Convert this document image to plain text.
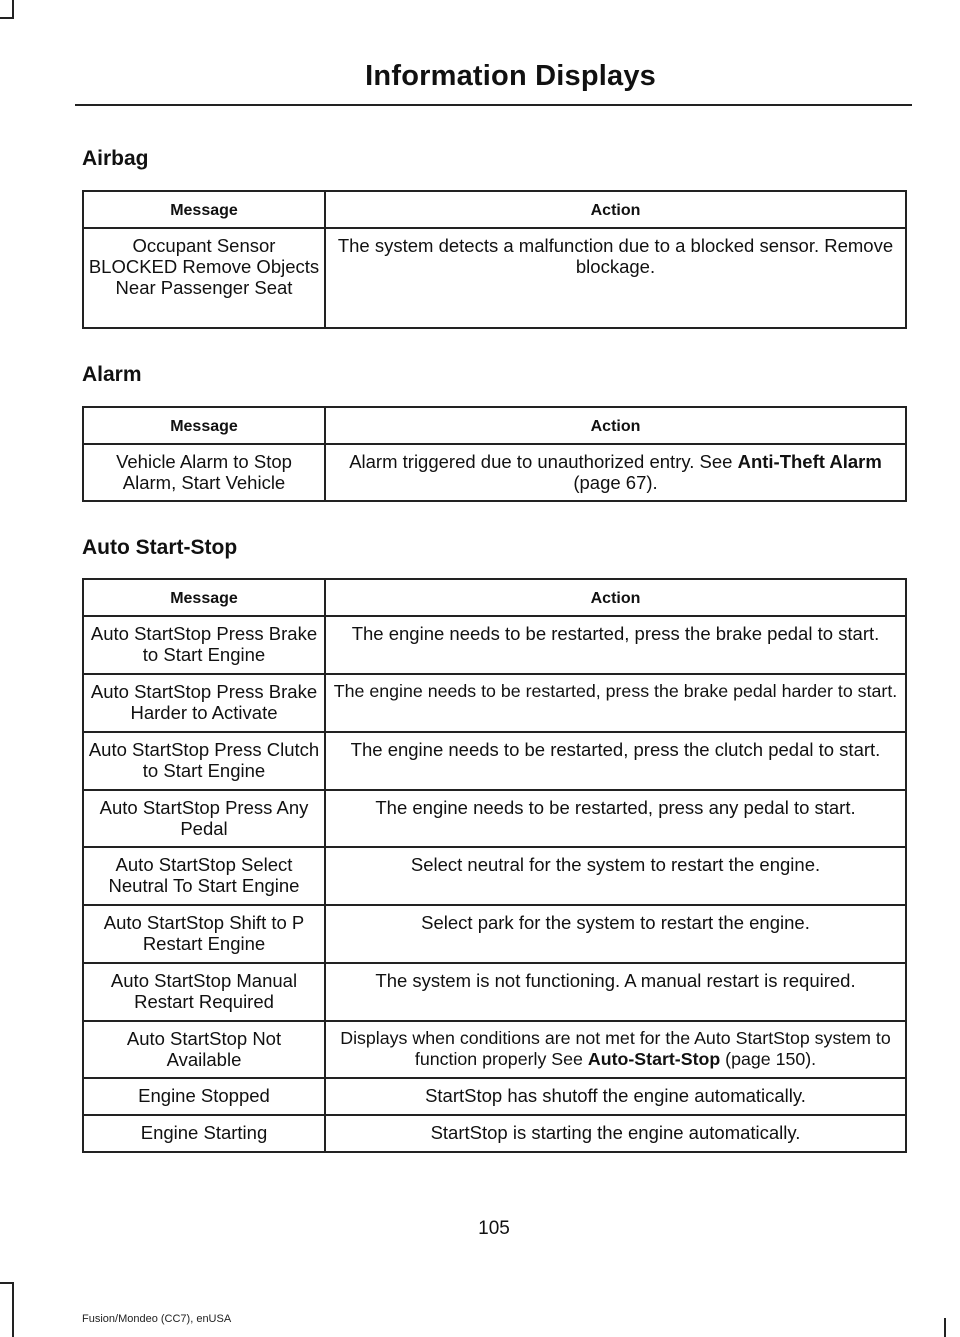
Information Displays
Airbag
Message	Action
Occupant Sensor BLOCKED Remove Objects Near Passenger Seat	The system detects a malfunction due to a blocked sensor. Remove blockage.
Alarm
Message	Action
Vehicle Alarm to Stop Alarm, Start Vehicle	Alarm triggered due to unauthorized entry. See Anti-Theft Alarm (page 67).
Auto Start-Stop
Message	Action
Auto StartStop Press Brake to Start Engine	The engine needs to be restarted, press the brake pedal to start.
Auto StartStop Press Brake Harder to Activate	The engine needs to be restarted, press the brake pedal harder to start.
Auto StartStop Press Clutch to Start Engine	The engine needs to be restarted, press the clutch pedal to start.
Auto StartStop Press Any Pedal	The engine needs to be restarted, press any pedal to start.
Auto StartStop Select Neutral To Start Engine	Select neutral for the system to restart the engine.
Auto StartStop Shift to P Restart Engine	Select park for the system to restart the engine.
Auto StartStop Manual Restart Required	The system is not functioning. A manual restart is required.
Auto StartStop Not Available	Displays when conditions are not met for the Auto StartStop system to function properly See Auto-Start-Stop (page 150).
Engine Stopped	StartStop has shutoff the engine automatically.
Engine Starting	StartStop is starting the engine automatically.
105
Fusion/Mondeo (CC7), enUSA
